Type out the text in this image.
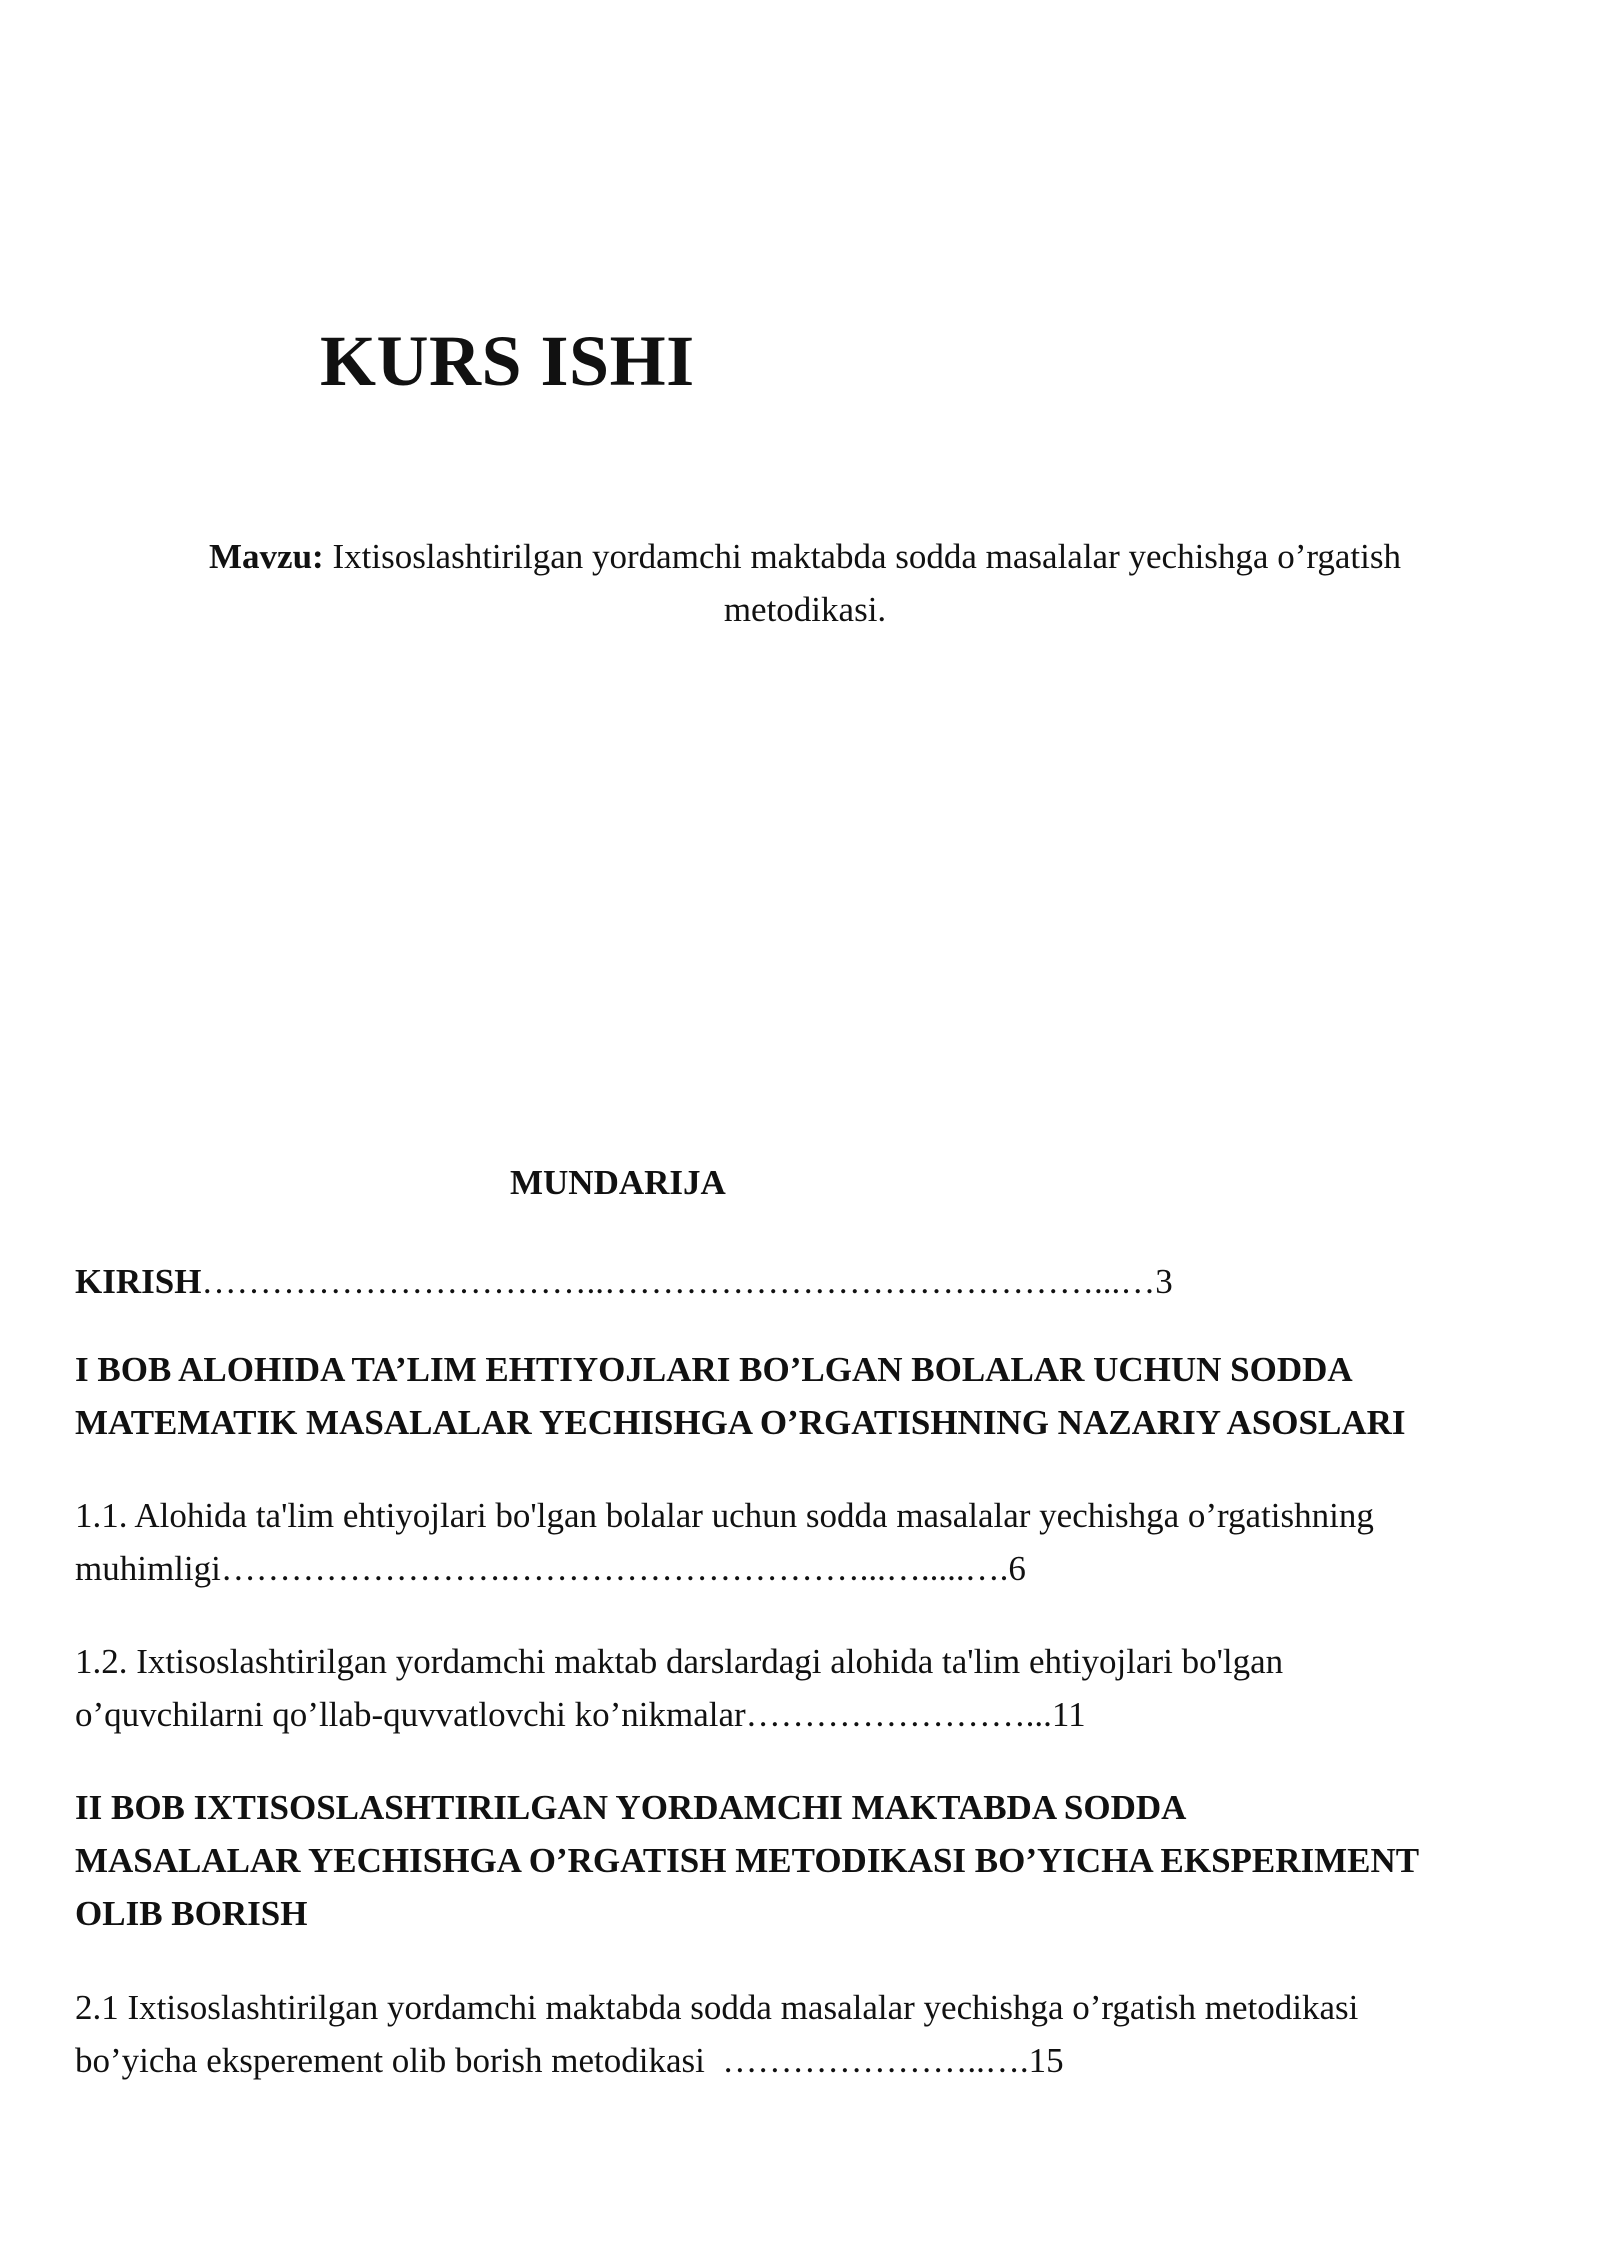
KURS ISHI
Mavzu: Ixtisoslashtirilgan yordamchi maktabda sodda masalalar yechishga o’rgatish
metodikasi.
MUNDARIJA

KIRISH……………………………..……………………………………...…3

I BOB ALOHIDA TA’LIM EHTIYOJLARI BO’LGAN BOLALAR UCHUN SODDA
MATEMATIK MASALALAR YECHISHGA O’RGATISHNING NAZARIY ASOSLARI
1.1. Alohida ta'lim ehtiyojlari bo'lgan bolalar uchun sodda masalalar yechishga o’rgatishning
muhimligi…………………….…………………………...….....….6
1.2. Ixtisoslashtirilgan yordamchi maktab darslardagi alohida ta'lim ehtiyojlari bo'lgan
o’quvchilarni qo’llab-quvvatlovchi ko’nikmalar……………………...11
II BOB IXTISOSLASHTIRILGAN YORDAMCHI MAKTABDA SODDA
MASALALAR YECHISHGA O’RGATISH METODIKASI BO’YICHA EKSPERIMENT
OLIB BORISH
2.1 Ixtisoslashtirilgan yordamchi maktabda sodda masalalar yechishga o’rgatish metodikasi
bo’yicha eksperement olib borish metodikasi  …………………..….15
